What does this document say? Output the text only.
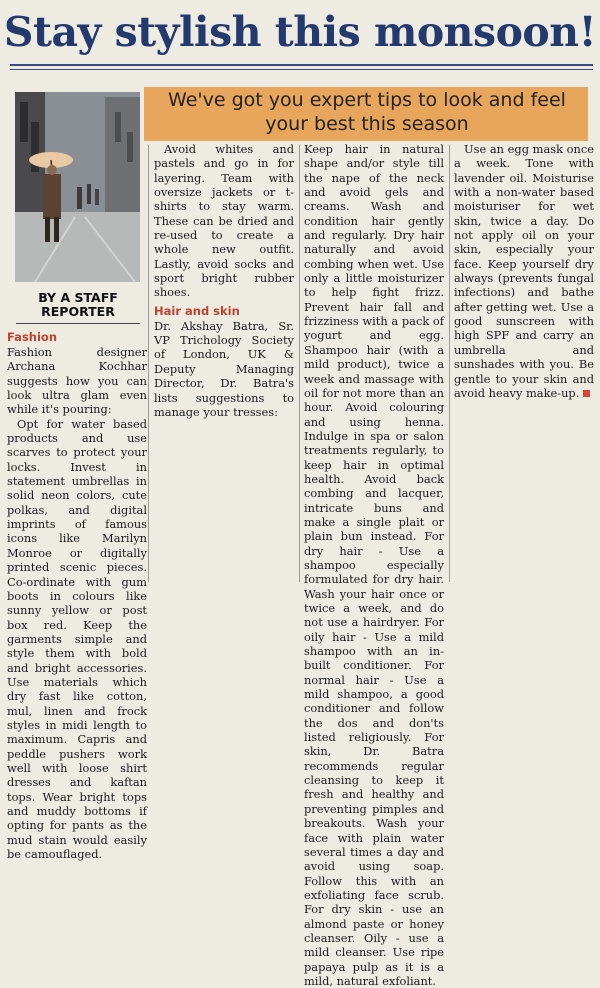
Stay stylish this monsoon!
BY A STAFF REPORTER
We've got you expert tips to look and feel your best this season
Fashion

Fashion designer Archana Kochhar suggests how you can look ultra glam even while it's pouring:

Opt for water based products and use scarves to protect your locks. Invest in statement umbrellas in solid neon colors, cute polkas, and digital imprints of famous icons like Marilyn Monroe or digitally printed scenic pieces. Co-ordinate with gum boots in colours like sunny yellow or post box red. Keep the garments simple and style them with bold and bright accessories. Use materials which dry fast like cotton, mul, linen and frock styles in midi length to maximum. Capris and peddle pushers work well with loose shirt dresses and kaftan tops. Wear bright tops and muddy bottoms if opting for pants as the mud stain would easily be camouflaged.

Avoid whites and pastels and go in for layering. Team with oversize jackets or t-shirts to stay warm. These can be dried and re-used to create a whole new outfit. Lastly, avoid socks and sport bright rubber shoes.

Hair and skin

Dr. Akshay Batra, Sr. VP Trichology Society of London, UK & Deputy Managing Director, Dr. Batra's lists suggestions to manage your tresses:

Keep hair in natural shape and/or style till the nape of the neck and avoid gels and creams. Wash and condition hair gently and regularly. Dry hair naturally and avoid combing when wet. Use only a little moisturizer to help fight frizz. Prevent hair fall and frizziness with a pack of yogurt and egg. Shampoo hair (with a mild product), twice a week and massage with oil for not more than an hour. Avoid colouring and using henna. Indulge in spa or salon treatments regularly, to keep hair in optimal health. Avoid back combing and lacquer, intricate buns and make a single plait or plain bun instead. For dry hair - Use a shampoo especially formulated for dry hair. Wash your hair once or twice a week, and do not use a hairdryer. For oily hair - Use a mild shampoo with an in-built conditioner. For normal hair - Use a mild shampoo, a good conditioner and follow the dos and don'ts listed religiously. For skin, Dr. Batra recommends regular cleansing to keep it fresh and healthy and preventing pimples and breakouts. Wash your face with plain water several times a day and avoid using soap. Follow this with an exfoliating face scrub. For dry skin - use an almond paste or honey cleanser. Oily - use a mild cleanser. Use ripe papaya pulp as it is a mild, natural exfoliant.

Use an egg mask once a week. Tone with lavender oil. Moisturise with a non-water based moisturiser for wet skin, twice a day. Do not apply oil on your skin, especially your face. Keep yourself dry always (prevents fungal infections) and bathe after getting wet. Use a good sunscreen with high SPF and carry an umbrella and sunshades with you. Be gentle to your skin and avoid heavy make-up.
